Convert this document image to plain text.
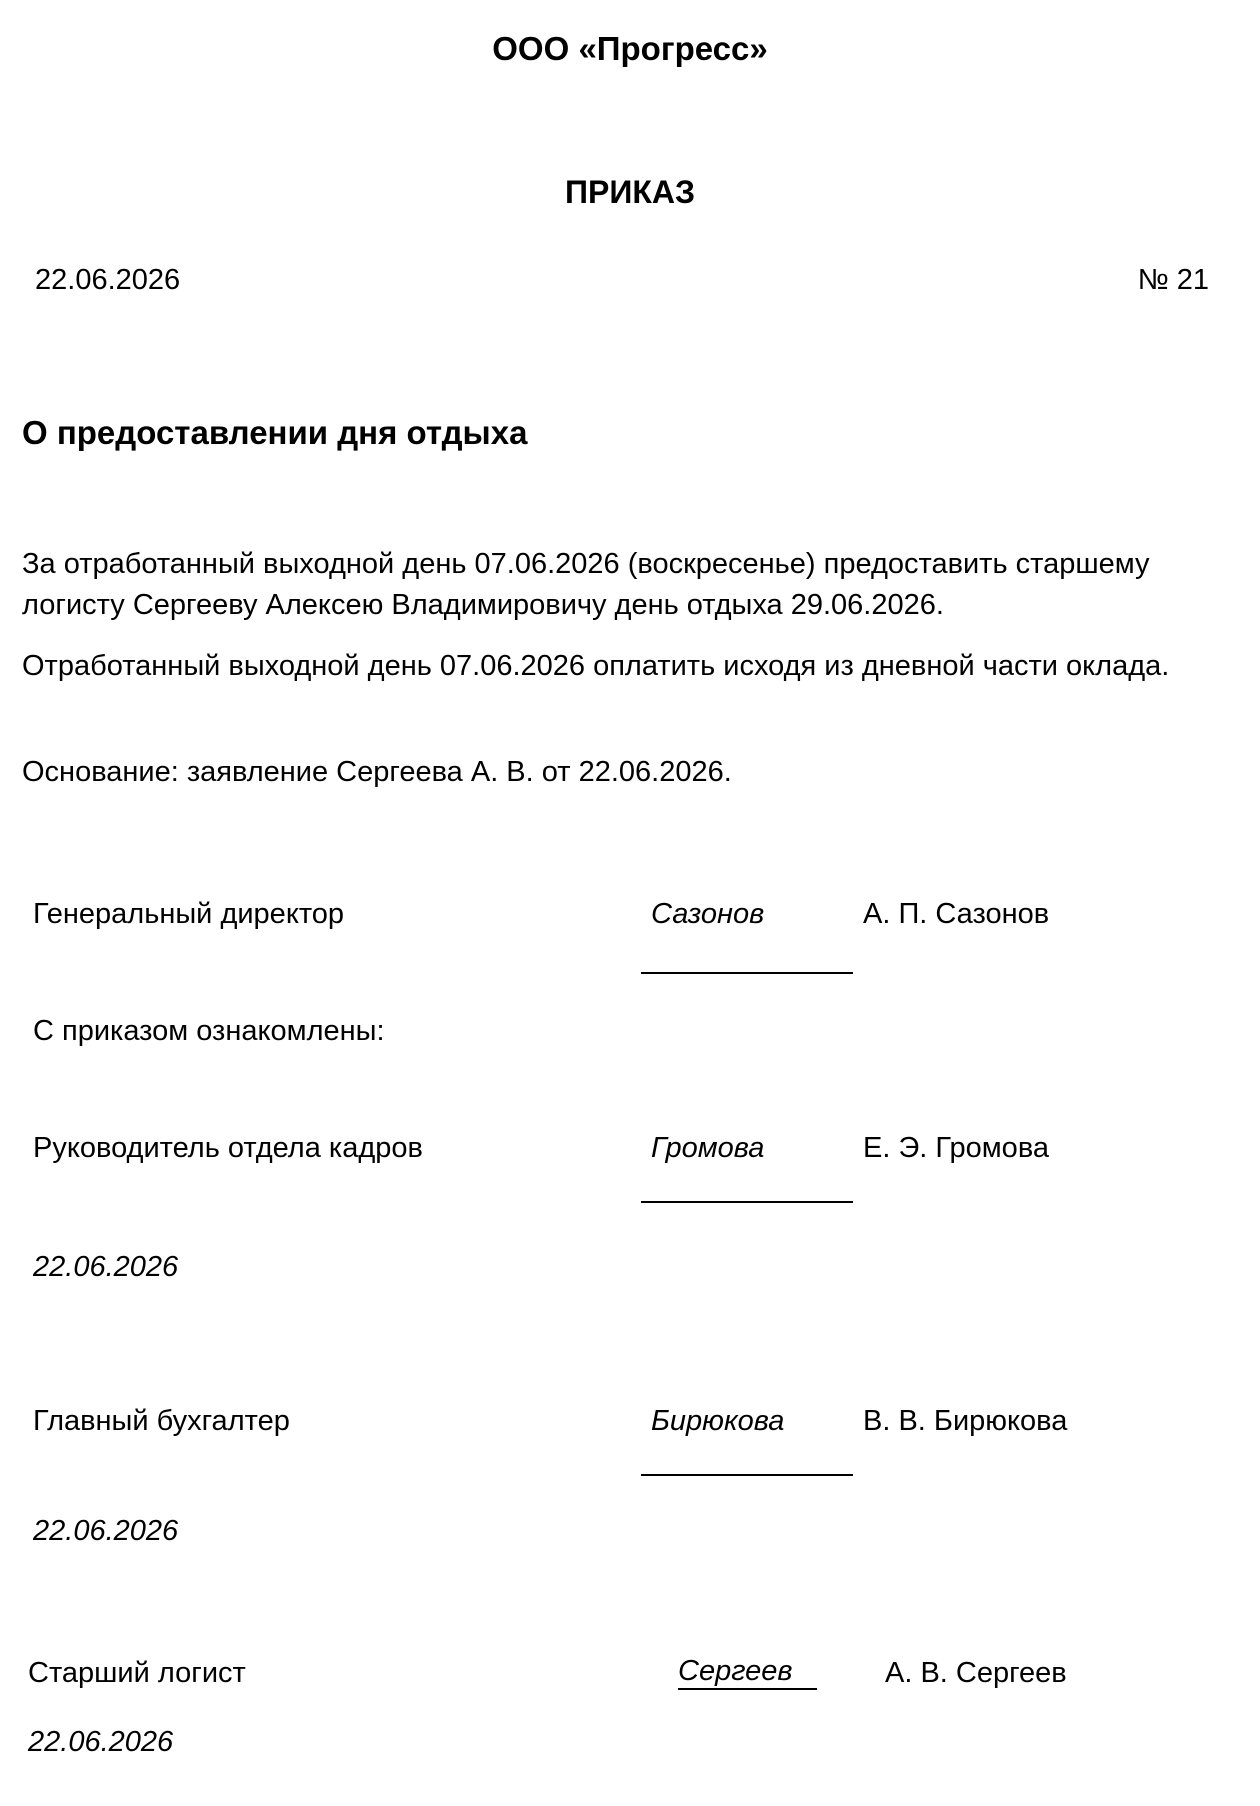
ООО «Прогресс»
ПРИКАЗ
22.06.2026	№ 21
О предоставлении дня отдыха
За отработанный выходной день 07.06.2026 (воскресенье) предоставить старшему логисту Сергееву Алексею Владимировичу день отдыха 29.06.2026.
Отработанный выходной день 07.06.2026 оплатить исходя из дневной части оклада.
Основание: заявление Сергеева А. В. от 22.06.2026.
Генеральный директор	Сазонов	А. П. Сазонов
С приказом ознакомлены:
Руководитель отдела кадров	Громова	Е. Э. Громова
22.06.2026
Главный бухгалтер	Бирюкова	В. В. Бирюкова
22.06.2026
Старший логист	Сергеев	А. В. Сергеев
22.06.2026
